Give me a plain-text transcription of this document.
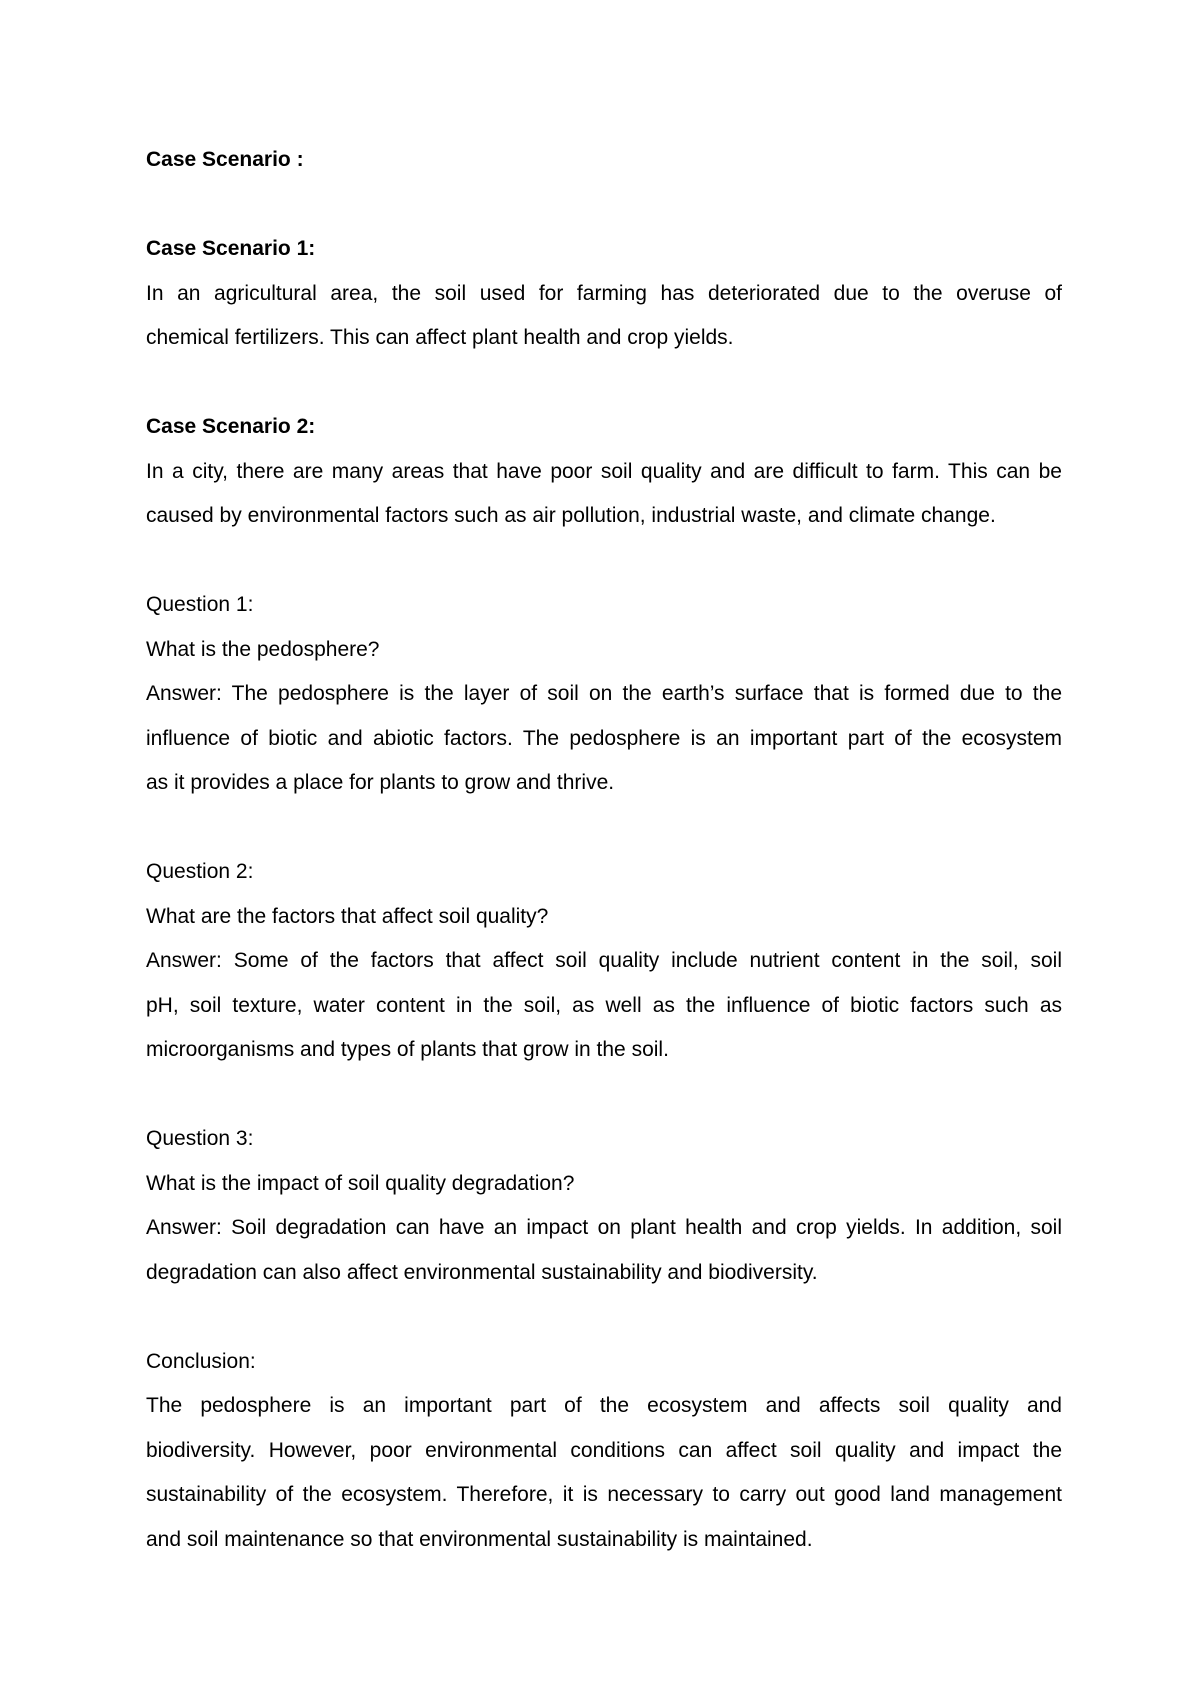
Case Scenario :
Case Scenario 1:
In an agricultural area, the soil used for farming has deteriorated due to the overuse of
chemical fertilizers. This can affect plant health and crop yields.
Case Scenario 2:
In a city, there are many areas that have poor soil quality and are difficult to farm. This can be
caused by environmental factors such as air pollution, industrial waste, and climate change.
Question 1:
What is the pedosphere?
Answer: The pedosphere is the layer of soil on the earth’s surface that is formed due to the
influence of biotic and abiotic factors. The pedosphere is an important part of the ecosystem
as it provides a place for plants to grow and thrive.
Question 2:
What are the factors that affect soil quality?
Answer: Some of the factors that affect soil quality include nutrient content in the soil, soil
pH, soil texture, water content in the soil, as well as the influence of biotic factors such as
microorganisms and types of plants that grow in the soil.
Question 3:
What is the impact of soil quality degradation?
Answer: Soil degradation can have an impact on plant health and crop yields. In addition, soil
degradation can also affect environmental sustainability and biodiversity.
Conclusion:
The pedosphere is an important part of the ecosystem and affects soil quality and
biodiversity. However, poor environmental conditions can affect soil quality and impact the
sustainability of the ecosystem. Therefore, it is necessary to carry out good land management
and soil maintenance so that environmental sustainability is maintained.
